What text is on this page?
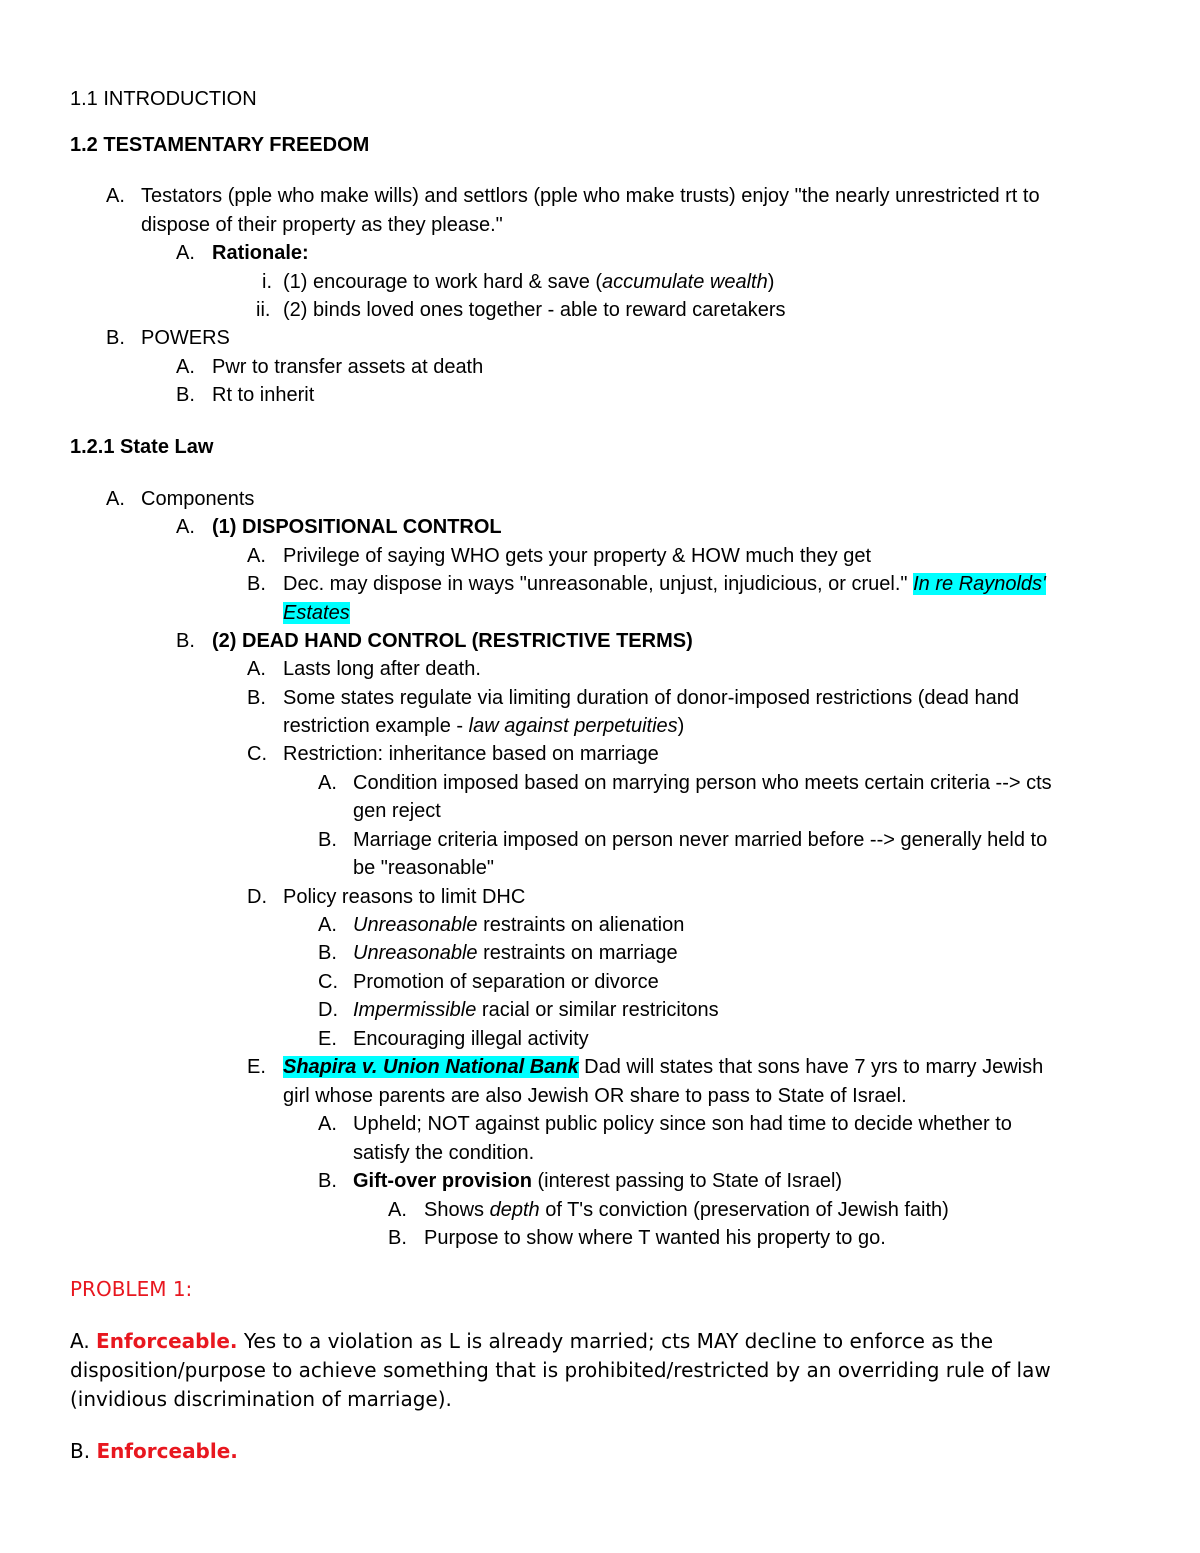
1.1 INTRODUCTION
1.2 TESTAMENTARY FREEDOM
A. Testators (pple who make wills) and settlors (pple who make trusts) enjoy "the nearly unrestricted rt to
dispose of their property as they please."
A. Rationale:
i. (1) encourage to work hard & save (accumulate wealth)
ii. (2) binds loved ones together - able to reward caretakers
B. POWERS
A. Pwr to transfer assets at death
B. Rt to inherit
1.2.1 State Law
A. Components
A. (1) DISPOSITIONAL CONTROL
A. Privilege of saying WHO gets your property & HOW much they get
B. Dec. may dispose in ways "unreasonable, unjust, injudicious, or cruel." In re Raynolds'
Estates
B. (2) DEAD HAND CONTROL (RESTRICTIVE TERMS)
A. Lasts long after death.
B. Some states regulate via limiting duration of donor-imposed restrictions (dead hand
restriction example - law against perpetuities)
C. Restriction: inheritance based on marriage
A. Condition imposed based on marrying person who meets certain criteria --> cts
gen reject
B. Marriage criteria imposed on person never married before --> generally held to
be "reasonable"
D. Policy reasons to limit DHC
A. Unreasonable restraints on alienation
B. Unreasonable restraints on marriage
C. Promotion of separation or divorce
D. Impermissible racial or similar restricitons
E. Encouraging illegal activity
E. Shapira v. Union National Bank Dad will states that sons have 7 yrs to marry Jewish
girl whose parents are also Jewish OR share to pass to State of Israel.
A. Upheld; NOT against public policy since son had time to decide whether to
satisfy the condition.
B. Gift-over provision (interest passing to State of Israel)
A. Shows depth of T's conviction (preservation of Jewish faith)
B. Purpose to show where T wanted his property to go.
PROBLEM 1:
A. Enforceable. Yes to a violation as L is already married; cts MAY decline to enforce as the
disposition/purpose to achieve something that is prohibited/restricted by an overriding rule of law
(invidious discrimination of marriage).
B. Enforceable.
